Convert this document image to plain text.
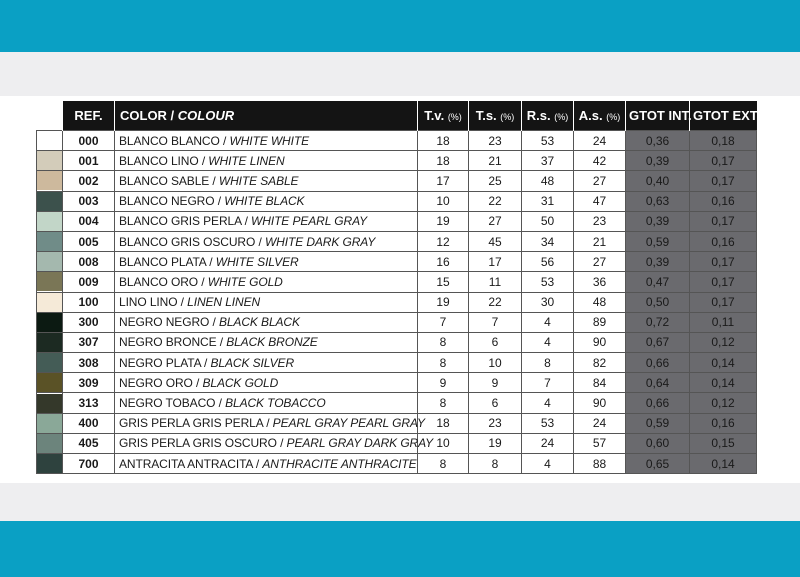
	REF.	COLOR / COLOUR	T.v. (%)	T.s. (%)	R.s. (%)	A.s. (%)	GTOT INT.	GTOT EXT.

	000	BLANCO BLANCO / WHITE WHITE	18	23	53	24	0,36	0,18

	001	BLANCO LINO / WHITE LINEN	18	21	37	42	0,39	0,17

	002	BLANCO SABLE / WHITE SABLE	17	25	48	27	0,40	0,17

	003	BLANCO NEGRO / WHITE BLACK	10	22	31	47	0,63	0,16

	004	BLANCO GRIS PERLA / WHITE PEARL GRAY	19	27	50	23	0,39	0,17

	005	BLANCO GRIS OSCURO / WHITE DARK GRAY	12	45	34	21	0,59	0,16

	008	BLANCO PLATA / WHITE SILVER	16	17	56	27	0,39	0,17

	009	BLANCO ORO / WHITE GOLD	15	11	53	36	0,47	0,17

	100	LINO LINO / LINEN LINEN	19	22	30	48	0,50	0,17

	300	NEGRO NEGRO / BLACK BLACK	7	7	4	89	0,72	0,11

	307	NEGRO BRONCE / BLACK BRONZE	8	6	4	90	0,67	0,12

	308	NEGRO PLATA / BLACK SILVER	8	10	8	82	0,66	0,14

	309	NEGRO ORO / BLACK GOLD	9	9	7	84	0,64	0,14

	313	NEGRO TOBACO / BLACK TOBACCO	8	6	4	90	0,66	0,12

	400	GRIS PERLA GRIS PERLA / PEARL GRAY PEARL GRAY	18	23	53	24	0,59	0,16

	405	GRIS PERLA GRIS OSCURO / PEARL GRAY DARK GRAY	10	19	24	57	0,60	0,15

	700	ANTRACITA ANTRACITA / ANTHRACITE ANTHRACITE	8	8	4	88	0,65	0,14
